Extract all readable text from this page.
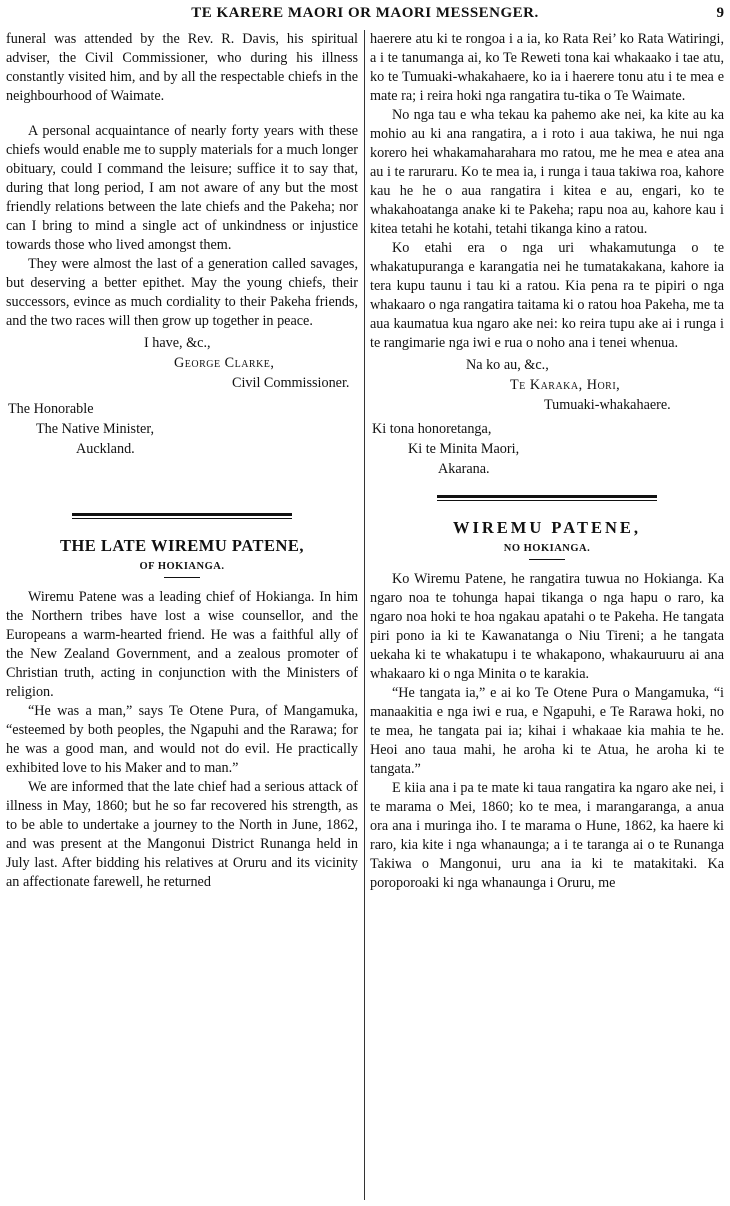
TE KARERE MAORI OR MAORI MESSENGER.	9

funeral was attended by the Rev. R. Davis, his spiritual adviser, the Civil Commissioner, who during his illness constantly visited him, and by all the respectable chiefs in the neighbourhood of Waimate.

A personal acquaintance of nearly forty years with these chiefs would enable me to supply materials for a much longer obituary, could I command the leisure; suffice it to say that, during that long period, I am not aware of any but the most friendly relations between the late chiefs and the Pakeha; nor can I bring to mind a single act of unkindness or injustice towards those who lived amongst them.

They were almost the last of a generation called savages, but deserving a better epithet. May the young chiefs, their successors, evince as much cordiality to their Pakeha friends, and the two races will then grow up together in peace.

I have, &c.,
George Clarke,
Civil Commissioner.
The Honorable
The Native Minister,
Auckland.
THE LATE WIREMU PATENE,

OF HOKIANGA.

Wiremu Patene was a leading chief of Hokianga. In him the Northern tribes have lost a wise counsellor, and the Europeans a warm-hearted friend. He was a faithful ally of the New Zealand Government, and a zealous promoter of Christian truth, acting in conjunction with the Ministers of religion.

“He was a man,” says Te Otene Pura, of Mangamuka, “esteemed by both peoples, the Ngapuhi and the Rarawa; for he was a good man, and would not do evil. He practically exhibited love to his Maker and to man.”

We are informed that the late chief had a serious attack of illness in May, 1860; but he so far recovered his strength, as to be able to undertake a journey to the North in June, 1862, and was present at the Mangonui District Runanga held in July last. After bidding his relatives at Oruru and its vicinity an affectionate farewell, he returned

haerere atu ki te rongoa i a ia, ko Rata Rei’ ko Rata Watiringi, a i te tanumanga ai, ko Te Reweti tona kai whakaako i tae atu, ko te Tumuaki-whakahaere, ko ia i haerere tonu atu i te mea e mate ra; i reira hoki nga rangatira tu-tika o Te Waimate.

No nga tau e wha tekau ka pahemo ake nei, ka kite au ka mohio au ki ana rangatira, a i roto i aua takiwa, he nui nga korero hei whakamaharahara mo ratou, me he mea e atea ana au i te raruraru. Ko te mea ia, i runga i taua takiwa roa, kahore kau he he o aua rangatira i kitea e au, engari, ko te whakahoatanga anake ki te Pakeha; rapu noa au, kahore kau i kitea tetahi he kotahi, tetahi tikanga kino a ratou.

Ko etahi era o nga uri whakamutunga o te whakatupuranga e karangatia nei he tumatakakana, kahore ia tera kupu taunu i tau ki a ratou. Kia pena ra te pipiri o nga whakaaro o nga rangatira taitama ki o ratou hoa Pakeha, me ta aua kaumatua kua ngaro ake nei: ko reira tupu ake ai i runga i te rangimarie nga iwi e rua o noho ana i tenei whenua.

Na ko au, &c.,
Te Karaka, Hori,
Tumuaki-whakahaere.
Ki tona honoretanga,
Ki te Minita Maori,
Akarana.
WIREMU PATENE,

NO HOKIANGA.

Ko Wiremu Patene, he rangatira tuwua no Hokianga. Ka ngaro noa te tohunga hapai tikanga o nga hapu o raro, ka ngaro noa hoki te hoa ngakau apatahi o te Pakeha. He tangata piri pono ia ki te Kawanatanga o Niu Tireni; a he tangata uekaha ki te whakatupu i te whakapono, whakauruuru ai ana whakaaro ki o nga Minita o te karakia.

“He tangata ia,” e ai ko Te Otene Pura o Mangamuka, “i manaakitia e nga iwi e rua, e Ngapuhi, e Te Rarawa hoki, no te mea, he tangata pai ia; kihai i whakaae kia mahia te he. Heoi ano taua mahi, he aroha ki te Atua, he aroha ki te tangata.”

E kiia ana i pa te mate ki taua rangatira ka ngaro ake nei, i te marama o Mei, 1860; ko te mea, i marangaranga, a anua ora ana i muringa iho. I te marama o Hune, 1862, ka haere ki raro, kia kite i nga whanaunga; a i te taranga ai o te Runanga Takiwa o Mangonui, uru ana ia ki te matakitaki. Ka poroporoaki ki nga whanaunga i Oruru, me
